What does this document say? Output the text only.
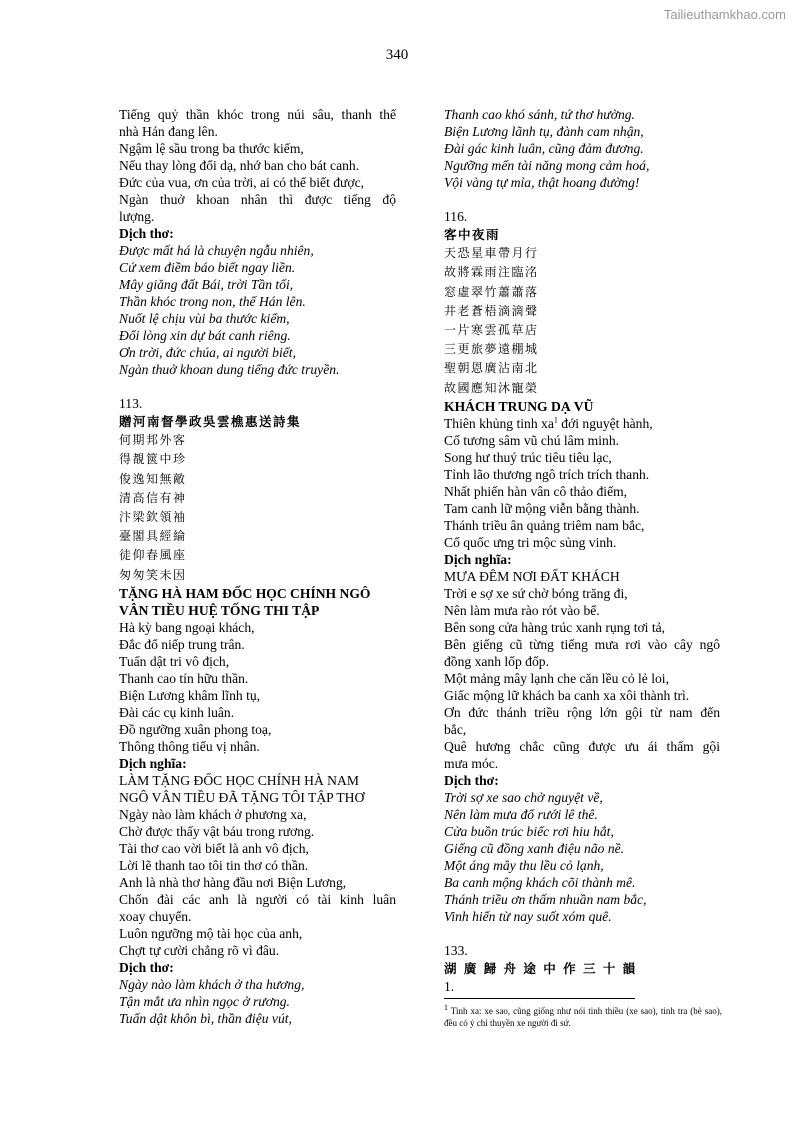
Tailieuthamkhao.com
340
Tiếng quỷ thần khóc trong núi sâu, thanh thế
nhà Hán đang lên.
Ngậm lệ sầu trong ba thước kiếm,
Nếu thay lòng đổi dạ, nhớ ban cho bát canh.
Đức của vua, ơn của trời, ai có thể biết được,
Ngàn thuở khoan nhân thì được tiếng độ
lượng.
Dịch thơ:
Được mất há là chuyện ngẫu nhiên,
Cứ xem điềm báo biết ngay liền.
Mây giăng đất Bái, trời Tần tối,
Thần khóc trong non, thế Hán lên.
Nuốt lệ chịu vùi ba thước kiếm,
Đổi lòng xin dự bát canh riêng.
Ơn trời, đức chúa, ai người biết,
Ngàn thuở khoan dung tiếng đức truyền.
113.
贈河南督學政吳雲樵惠送詩集
何期邦外客
得覩篋中珍
俊逸知無敵
清高信有神
汴梁欽領袖
臺閣具經綸
徒仰春風座
匆匆笑未因
TẶNG HÀ HAM ĐỐC HỌC CHÍNH NGÔ
VÂN TIỀU HUỆ TỐNG THI TẬP
Hà kỳ bang ngoại khách,
Đắc đổ niếp trung trân.
Tuấn dật tri vô địch,
Thanh cao tín hữu thần.
Biện Lương khâm lĩnh tụ,
Đài các cụ kinh luân.
Đồ ngưỡng xuân phong toạ,
Thông thông tiếu vị nhân.
Dịch nghĩa:
LÀM TẶNG ĐỐC HỌC CHÍNH HÀ NAM
NGÔ VÂN TIỀU ĐÃ TẶNG TÔI TẬP THƠ
Ngày nào làm khách ở phương xa,
Chờ được thấy vật báu trong rương.
Tài thơ cao vời biết là anh vô địch,
Lời lẽ thanh tao tôi tin thơ có thần.
Anh là nhà thơ hàng đầu nơi Biện Lương,
Chốn đài các anh là người có tài kinh luân
xoay chuyển.
Luôn ngưỡng mộ tài học của anh,
Chợt tự cười chẳng rõ vì đâu.
Dịch thơ:
Ngày nào làm khách ở tha hương,
Tận mắt ưa nhìn ngọc ở rương.
Tuấn dật khôn bì, thần điệu vút,
Thanh cao khó sánh, tứ thơ hường.
Biện Lương lãnh tụ, đành cam nhận,
Đài gác kinh luân, cũng đảm đương.
Ngưỡng mến tài năng mong cảm hoá,
Vội vàng tự mỉa, thật hoang đường!
116.
客中夜雨
天恐星車帶月行
故將霖雨注臨洺
窓虛翠竹蕭蕭落
井老蒼梧滴滴聲
一片寒雲孤草店
三更旅夢遠棚城
聖朝恩廣沾南北
故國應知沐寵榮
KHÁCH TRUNG DẠ VŨ
Thiên khủng tinh $xa^1$ đới nguyệt hành,
Cố tương sâm vũ chú lâm minh.
Song hư thuý trúc tiêu tiêu lạc,
Tỉnh lão thương ngô trích trích thanh.
Nhất phiến hàn vân cô thảo điếm,
Tam canh lữ mộng viễn bằng thành.
Thánh triều ân quảng triêm nam bắc,
Cố quốc ưng tri mộc sủng vinh.
Dịch nghĩa:
MƯA ĐÊM NƠI ĐẤT KHÁCH
Trời e sợ xe sứ chờ bóng trăng đi,
Nên làm mưa rào rót vào bể.
Bên song cửa hàng trúc xanh rụng tơi tả,
Bên giếng cũ từng tiếng mưa rơi vào cây ngô
đồng xanh lốp đốp.
Một mảng mây lạnh che căn lều cỏ lẻ loi,
Giấc mộng lữ khách ba canh xa xôi thành trì.
Ơn đức thánh triều rộng lớn gội từ nam đến
bắc,
Quê hương chắc cũng được ưu ái thấm gội
mưa móc.
Dịch thơ:
Trời sợ xe sao chở nguyệt về,
Nên làm mưa đổ rưới lê thê.
Cửa buồn trúc biếc rơi hiu hắt,
Giếng cũ đồng xanh điệu não nề.
Một áng mây thu lều cỏ lạnh,
Ba canh mộng khách cõi thành mê.
Thánh triều ơn thấm nhuần nam bắc,
Vinh hiển từ nay suốt xóm quê.
133.
湖 廣 歸 舟 途 中 作 三 十 韻
1.
1 Tinh xa: xe sao, cũng giống như nói tinh thiều (xe sao), tinh tra (bè sao), đều có ý chỉ thuyền xe người đi sứ.
